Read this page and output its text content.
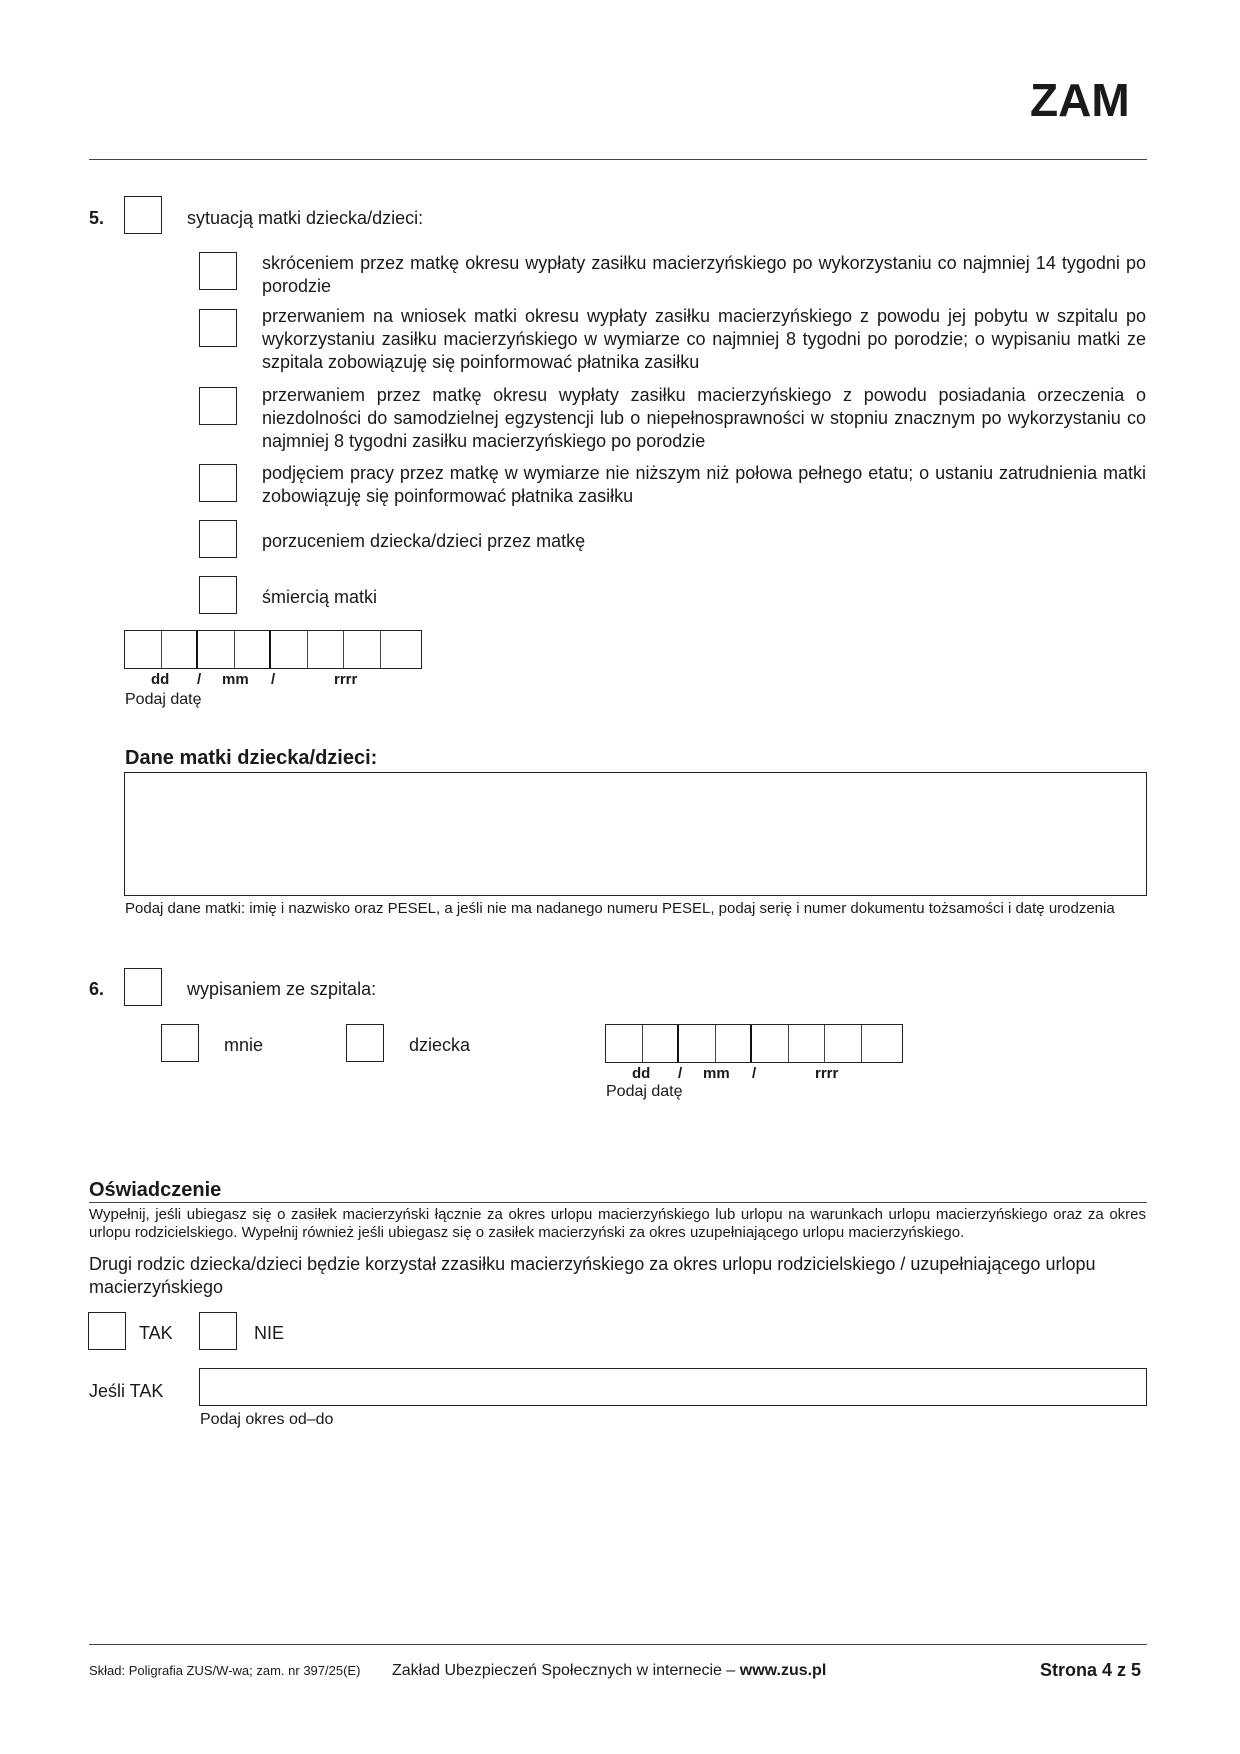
ZAM
5.	sytuacją matki dziecka/dzieci:
skróceniem przez matkę okresu wypłaty zasiłku macierzyńskiego po wykorzystaniu co najmniej 14 tygodni po porodzie
przerwaniem na wniosek matki okresu wypłaty zasiłku macierzyńskiego z powodu jej pobytu w szpitalu po wykorzystaniu zasiłku macierzyńskiego w wymiarze co najmniej 8 tygodni po porodzie; o wypisaniu matki ze szpitala zobowiązuję się poinformować płatnika zasiłku
przerwaniem przez matkę okresu wypłaty zasiłku macierzyńskiego z powodu posiadania orzeczenia o niezdolności do samodzielnej egzystencji lub o niepełnosprawności w stopniu znacznym po wykorzystaniu co najmniej 8 tygodni zasiłku macierzyńskiego po porodzie
podjęciem pracy przez matkę w wymiarze nie niższym niż połowa pełnego etatu; o ustaniu zatrudnienia matki zobowiązuję się poinformować płatnika zasiłku
porzuceniem dziecka/dzieci przez matkę
śmiercią matki
dd / mm /	rrrr
Podaj datę
Dane matki dziecka/dzieci:
Podaj dane matki: imię i nazwisko oraz PESEL, a jeśli nie ma nadanego numeru PESEL, podaj serię i numer dokumentu tożsamości i datę urodzenia
6.	wypisaniem ze szpitala:
mnie	dziecka
dd / mm /	rrrr
Podaj datę
Oświadczenie
Wypełnij, jeśli ubiegasz się o zasiłek macierzyński łącznie za okres urlopu macierzyńskiego lub urlopu na warunkach urlopu macierzyńskiego oraz za okres urlopu rodzicielskiego. Wypełnij również jeśli ubiegasz się o zasiłek macierzyński za okres uzupełniającego urlopu macierzyńskiego.
Drugi rodzic dziecka/dzieci będzie korzystał zzasiłku macierzyńskiego za okres urlopu rodzicielskiego / uzupełniającego urlopu macierzyńskiego
TAK	NIE
Jeśli TAK
Podaj okres od–do
Skład: Poligrafia ZUS/W-wa; zam. nr 397/25(E) Zakład Ubezpieczeń Społecznych w internecie – www.zus.pl	Strona 4 z 5
